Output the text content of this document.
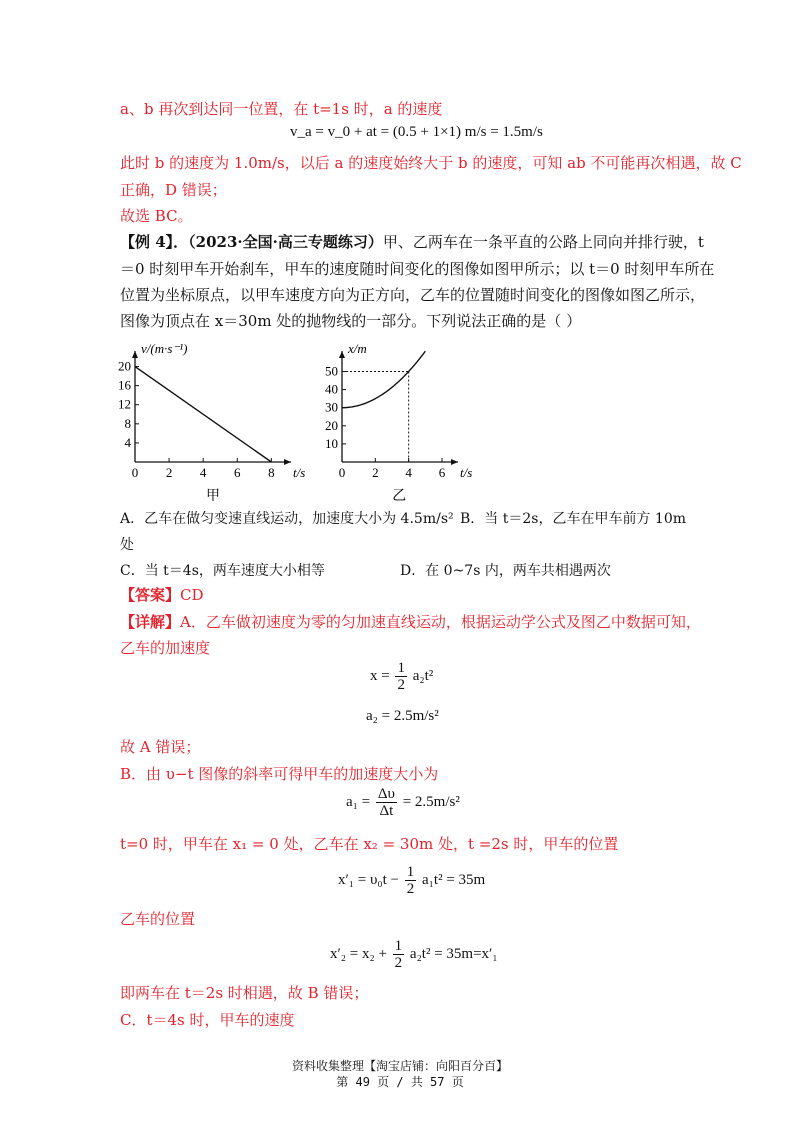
a、b 再次到达同一位置，在 t=1s 时，a 的速度
v_a = v_0 + at = (0.5 + 1×1) m/s = 1.5m/s
此时 b 的速度为 1.0m/s，以后 a 的速度始终大于 b 的速度，可知 ab 不可能再次相遇，故 C
正确，D 错误；
故选 BC。
【例 4】．（2023·全国·高三专题练习）甲、乙两车在一条平直的公路上同向并排行驶，t
＝0 时刻甲车开始刹车，甲车的速度随时间变化的图像如图甲所示；以 t＝0 时刻甲车所在
位置为坐标原点，以甲车速度方向为正方向，乙车的位置随时间变化的图像如图乙所示，
图像为顶点在 x＝30m 处的抛物线的一部分。下列说法正确的是（ ）
0 2 4 6 8
4
8
12
16
20
t/s
v/(m·s⁻¹)
甲
0 2 4 6
10
20
30
40
50
t/s
x/m
乙
A．乙车在做匀变速直线运动，加速度大小为 4.5m/s² B．当 t＝2s，乙车在甲车前方 10m
处
C．当 t＝4s，两车速度大小相等	D．在 0~7s 内，两车共相遇两次
【答案】CD
【详解】A．乙车做初速度为零的匀加速直线运动，根据运动学公式及图乙中数据可知，
乙车的加速度
$x = \frac{1}{2} a_2t^2$
a₂ = 2.5m/s²
故 A 错误；
B．由 υ−t 图像的斜率可得甲车的加速度大小为
$a_1 = \frac{\Delta\upsilon}{\Delta t} = 2.5m/s^2$
t=0 时，甲车在 x₁ = 0 处，乙车在 x₂ = 30m 处，t =2s 时，甲车的位置
$x'_1 = \upsilon_0t - \frac{1}{2} a_1t^2 = 35m$
乙车的位置
$x'_2 = x_2 + \frac{1}{2} a_2t^2 = 35m=x'_1$
即两车在 t＝2s 时相遇，故 B 错误；
C．t＝4s 时，甲车的速度
资料收集整理【淘宝店铺：向阳百分百】
第 49 页 / 共 57 页
